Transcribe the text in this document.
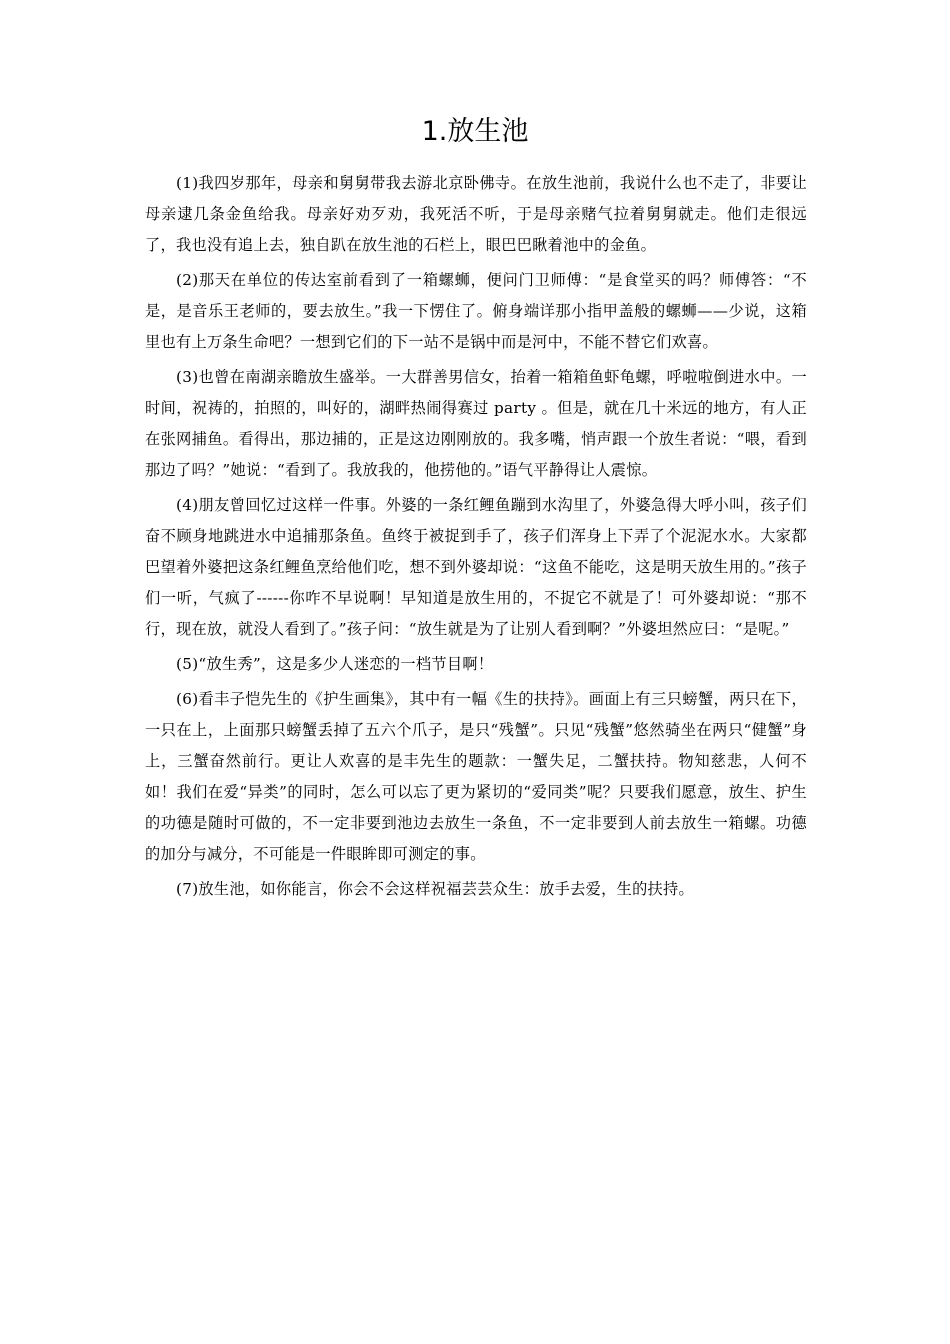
1.放生池

(1)我四岁那年，母亲和舅舅带我去游北京卧佛寺。在放生池前，我说什么也不走了，非要让母亲逮几条金鱼给我。母亲好劝歹劝，我死活不听，于是母亲赌气拉着舅舅就走。他们走很远了，我也没有追上去，独自趴在放生池的石栏上，眼巴巴瞅着池中的金鱼。

(2)那天在单位的传达室前看到了一箱螺蛳，便问门卫师傅：“是食堂买的吗？师傅答：“不是，是音乐王老师的，要去放生。”我一下愣住了。俯身端详那小指甲盖般的螺蛳——少说，这箱里也有上万条生命吧？一想到它们的下一站不是锅中而是河中，不能不替它们欢喜。

(3)也曾在南湖亲瞻放生盛举。一大群善男信女，抬着一箱箱鱼虾龟螺，呼啦啦倒进水中。一时间，祝祷的，拍照的，叫好的，湖畔热闹得赛过 party 。但是，就在几十米远的地方，有人正在张网捕鱼。看得出，那边捕的，正是这边刚刚放的。我多嘴，悄声跟一个放生者说：“喂，看到那边了吗？”她说：“看到了。我放我的，他捞他的。”语气平静得让人震惊。

(4)朋友曾回忆过这样一件事。外婆的一条红鲤鱼蹦到水沟里了，外婆急得大呼小叫，孩子们奋不顾身地跳进水中追捕那条鱼。鱼终于被捉到手了，孩子们浑身上下弄了个泥泥水水。大家都巴望着外婆把这条红鲤鱼烹给他们吃，想不到外婆却说：“这鱼不能吃，这是明天放生用的。”孩子们一听，气疯了------你咋不早说啊！早知道是放生用的，不捉它不就是了！可外婆却说：“那不行，现在放，就没人看到了。”孩子问：“放生就是为了让别人看到啊？”外婆坦然应曰：“是呢。”

(5)“放生秀”，这是多少人迷恋的一档节目啊！

(6)看丰子恺先生的《护生画集》，其中有一幅《生的扶持》。画面上有三只螃蟹，两只在下，一只在上，上面那只螃蟹丢掉了五六个爪子，是只“残蟹”。只见“残蟹”悠然骑坐在两只“健蟹”身上，三蟹奋然前行。更让人欢喜的是丰先生的题款：一蟹失足，二蟹扶持。物知慈悲，人何不如！我们在爱“异类”的同时，怎么可以忘了更为紧切的“爱同类”呢？只要我们愿意，放生、护生的功德是随时可做的，不一定非要到池边去放生一条鱼，不一定非要到人前去放生一箱螺。功德的加分与减分，不可能是一件眼眸即可测定的事。

(7)放生池，如你能言，你会不会这样祝福芸芸众生：放手去爱，生的扶持。
